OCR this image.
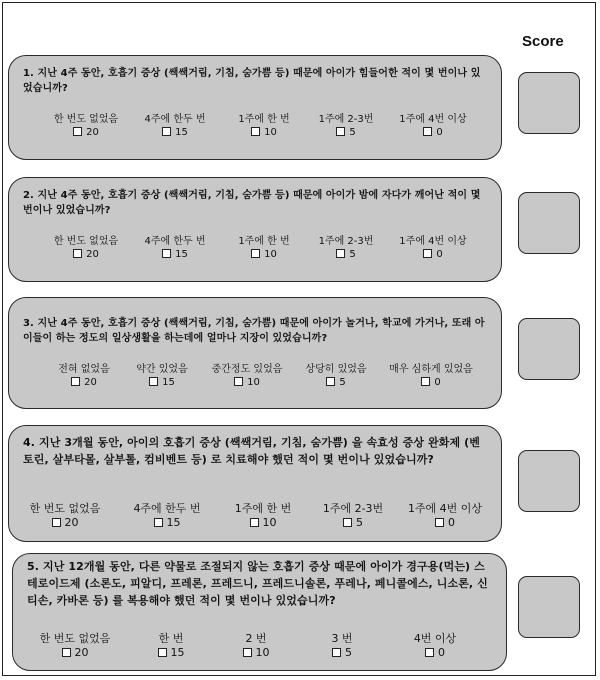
Score
1. 지난 4주 동안, 호흡기 증상 (쌕쌕거림, 기침, 숨가쁨 등) 때문에 아이가 힘들어한 적이 몇 번이나 있었습니까?
한 번도 없었음
20
4주에 한두 번
15
1주에 한 번
10
1주에 2-3번
5
1주에 4번 이상
0
2. 지난 4주 동안, 호흡기 증상 (쌕쌕거림, 기침, 숨가쁨 등) 때문에 아이가 밤에 자다가 깨어난 적이 몇 번이나 있었습니까?
한 번도 없었음
20
4주에 한두 번
15
1주에 한 번
10
1주에 2-3번
5
1주에 4번 이상
0
3. 지난 4주 동안, 호흡기 증상 (쌕쌕거림, 기침, 숨가쁨) 때문에 아이가 놀거나, 학교에 가거나, 또래 아이들이 하는 정도의 일상생활을 하는데에 얼마나 지장이 있었습니까?
전혀 없었음
20
약간 있었음
15
중간정도 있었음
10
상당히 있었음
5
매우 심하게 있었음
0
4. 지난 3개월 동안, 아이의 호흡기 증상 (쌕쌕거림, 기침, 숨가쁨) 을 속효성 증상 완화제 (벤토린, 살부타몰, 살부톨, 컴비벤트 등) 로 치료해야 했던 적이 몇 번이나 있었습니까?
한 번도 없었음
20
4주에 한두 번
15
1주에 한 번
10
1주에 2-3번
5
1주에 4번 이상
0
5. 지난 12개월 동안, 다른 약물로 조절되지 않는 호흡기 증상 때문에 아이가 경구용(먹는) 스테로이드제 (소론도, 피알디, 프레론, 프레드니, 프레드니솔론, 푸레나, 페니콜에스, 니소론, 신티손, 카바론 등) 를 복용해야 했던 적이 몇 번이나 있었습니까?
한 번도 없었음
20
한 번
15
2 번
10
3 번
5
4번 이상
0
